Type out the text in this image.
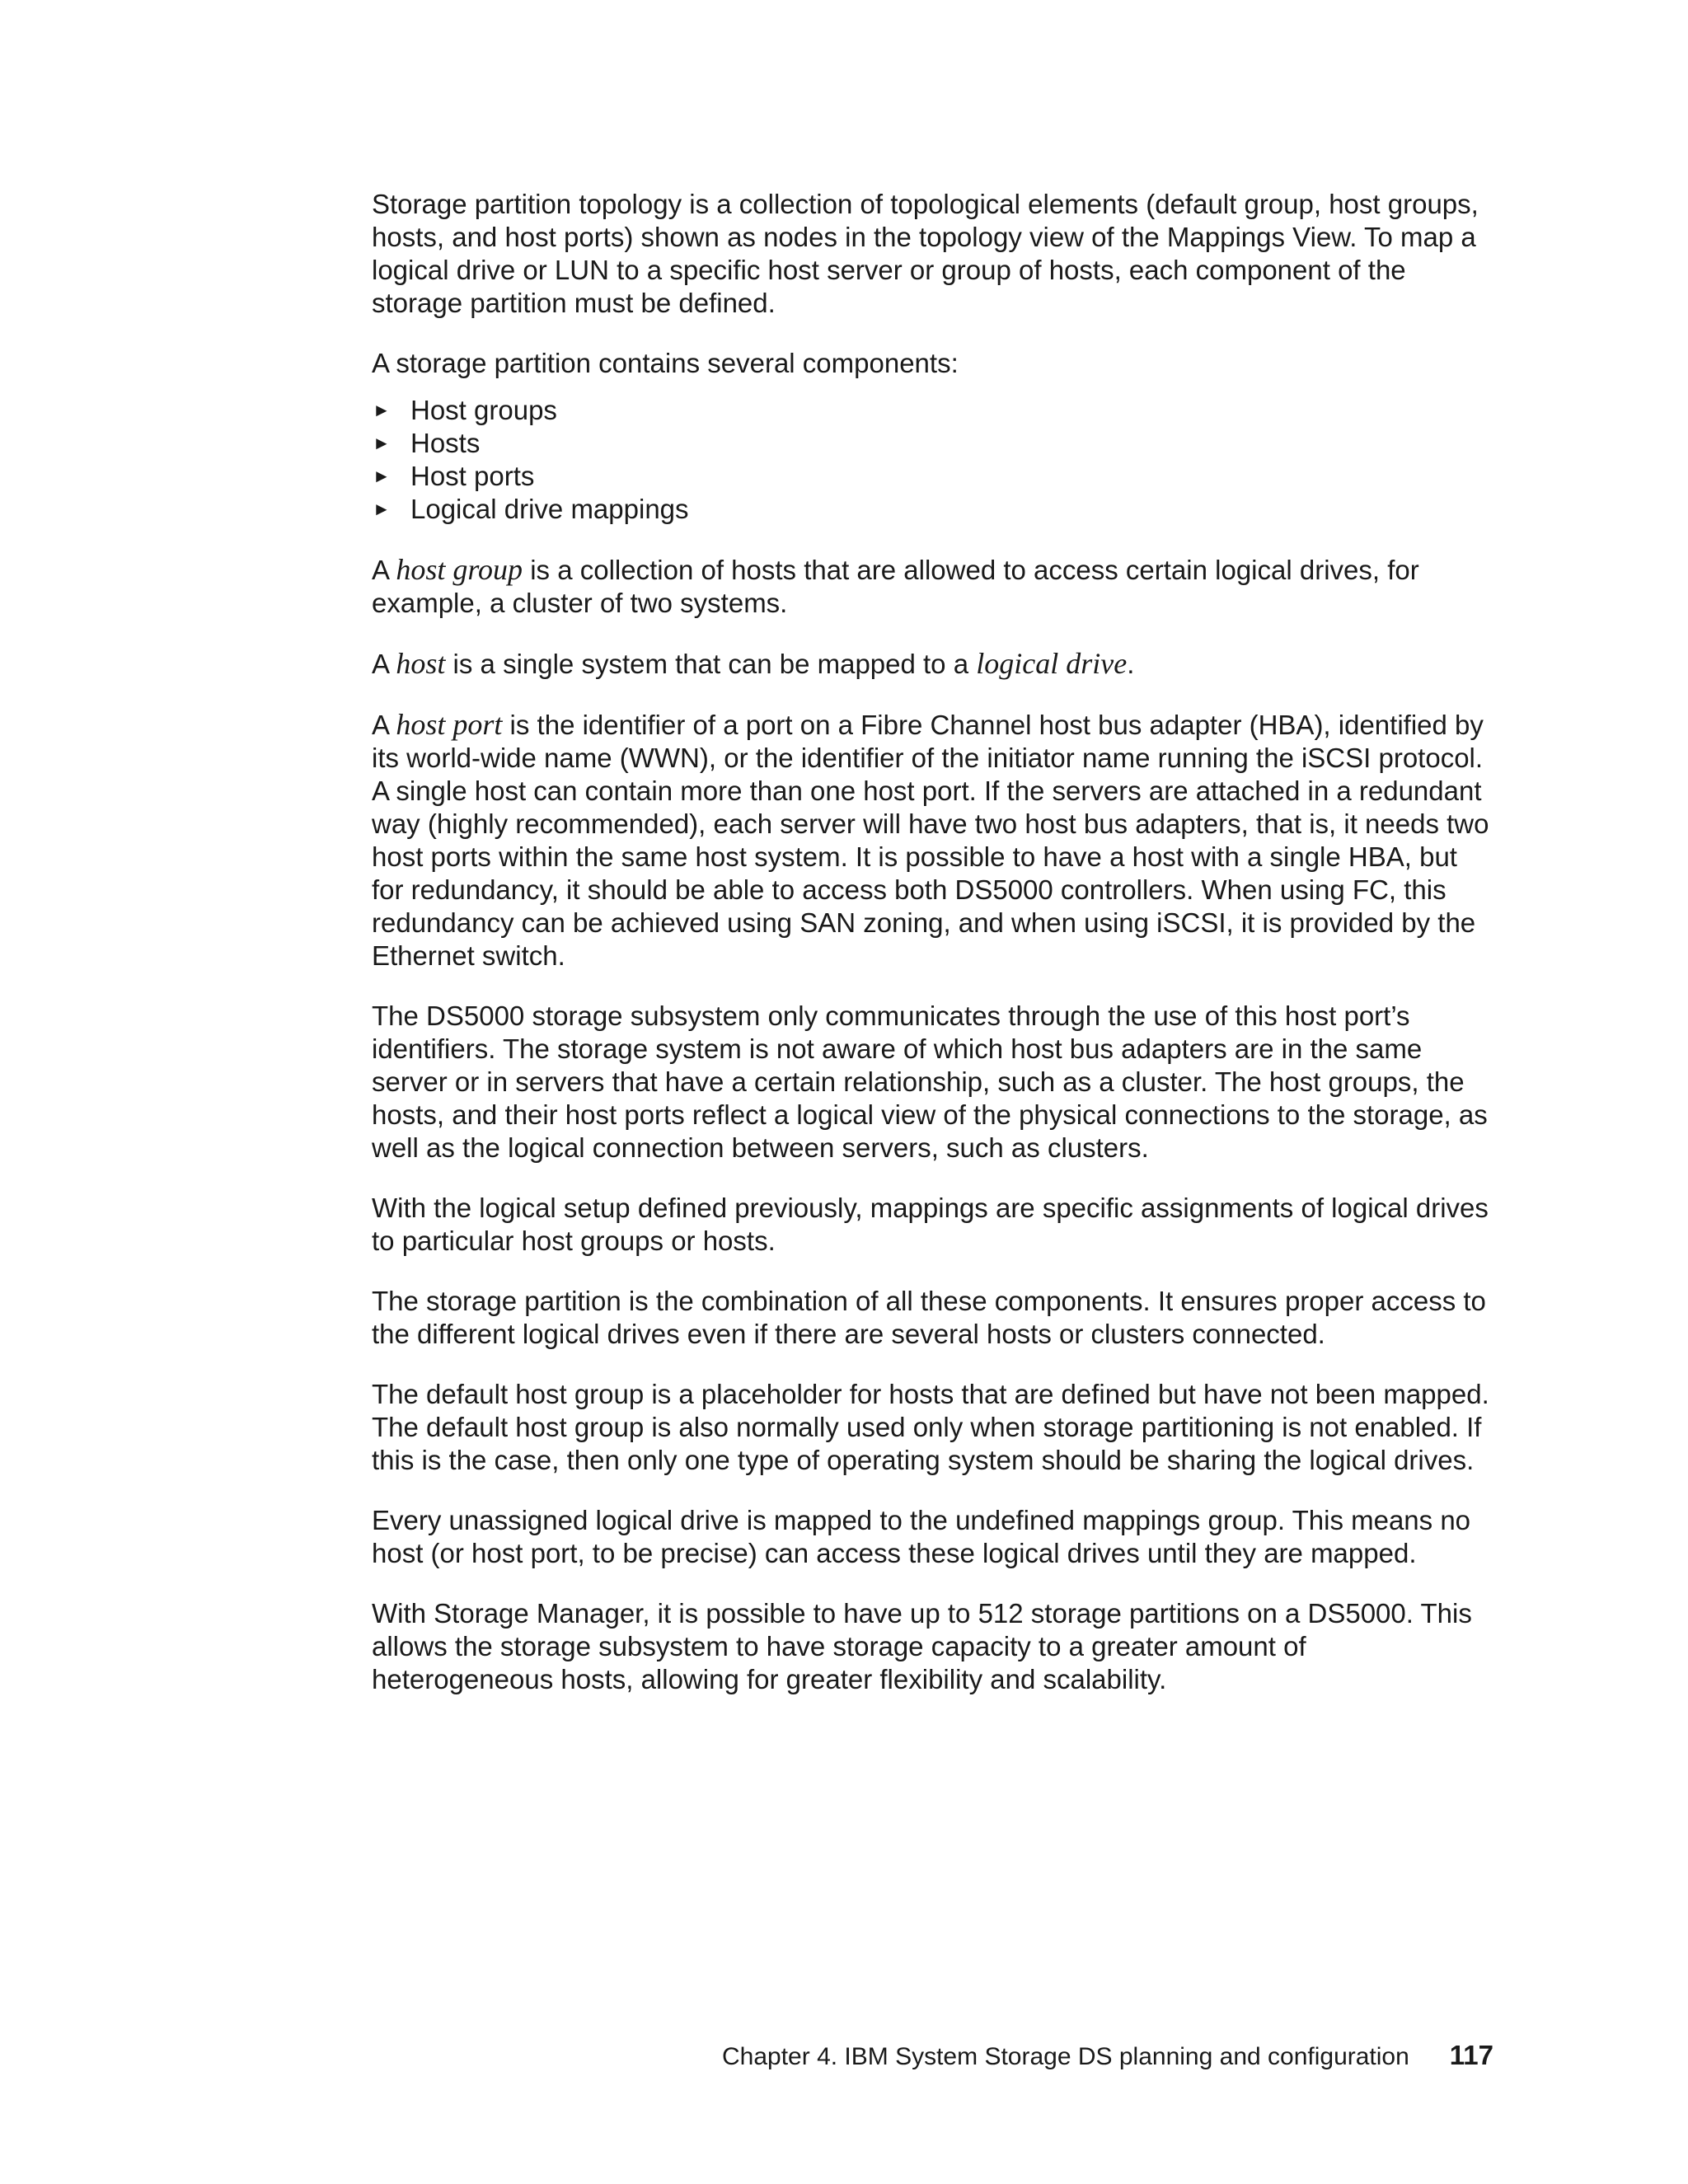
Storage partition topology is a collection of topological elements (default group, host groups, hosts, and host ports) shown as nodes in the topology view of the Mappings View. To map a logical drive or LUN to a specific host server or group of hosts, each component of the storage partition must be defined.

A storage partition contains several components:

► Host groups
► Hosts
► Host ports
► Logical drive mappings

A host group is a collection of hosts that are allowed to access certain logical drives, for example, a cluster of two systems.

A host is a single system that can be mapped to a logical drive.

A host port is the identifier of a port on a Fibre Channel host bus adapter (HBA), identified by its world-wide name (WWN), or the identifier of the initiator name running the iSCSI protocol. A single host can contain more than one host port. If the servers are attached in a redundant way (highly recommended), each server will have two host bus adapters, that is, it needs two host ports within the same host system. It is possible to have a host with a single HBA, but for redundancy, it should be able to access both DS5000 controllers. When using FC, this redundancy can be achieved using SAN zoning, and when using iSCSI, it is provided by the Ethernet switch.

The DS5000 storage subsystem only communicates through the use of this host port’s identifiers. The storage system is not aware of which host bus adapters are in the same server or in servers that have a certain relationship, such as a cluster. The host groups, the hosts, and their host ports reflect a logical view of the physical connections to the storage, as well as the logical connection between servers, such as clusters.

With the logical setup defined previously, mappings are specific assignments of logical drives to particular host groups or hosts.

The storage partition is the combination of all these components. It ensures proper access to the different logical drives even if there are several hosts or clusters connected.

The default host group is a placeholder for hosts that are defined but have not been mapped. The default host group is also normally used only when storage partitioning is not enabled. If this is the case, then only one type of operating system should be sharing the logical drives.

Every unassigned logical drive is mapped to the undefined mappings group. This means no host (or host port, to be precise) can access these logical drives until they are mapped.

With Storage Manager, it is possible to have up to 512 storage partitions on a DS5000. This allows the storage subsystem to have storage capacity to a greater amount of heterogeneous hosts, allowing for greater flexibility and scalability.

Chapter 4. IBM System Storage DS planning and configuration 117
